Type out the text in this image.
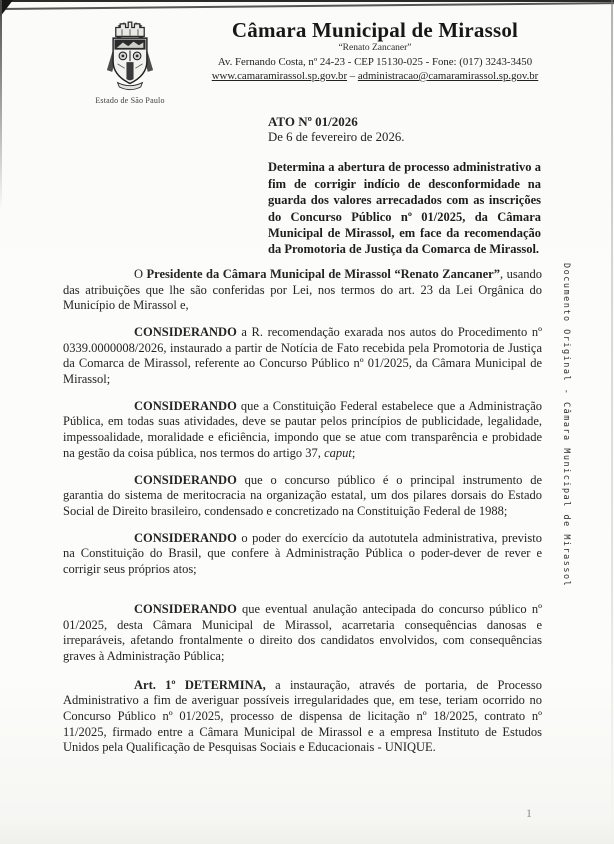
Estado de São Paulo
Câmara Municipal de Mirassol
“Renato Zancaner”
Av. Fernando Costa, nº 24-23 - CEP 15130-025 - Fone: (017) 3243-3450
www.camaramirassol.sp.gov.br – administracao@camaramirassol.sp.gov.br
ATO Nº 01/2026
De 6 de fevereiro de 2026.
Determina a abertura de processo administrativo a fim de corrigir indício de desconformidade na guarda dos valores arrecadados com as inscrições do Concurso Público nº 01/2025, da Câmara Municipal de Mirassol, em face da recomendação da Promotoria de Justiça da Comarca de Mirassol.

O Presidente da Câmara Municipal de Mirassol “Renato Zancaner”, usando das atribuições que lhe são conferidas por Lei, nos termos do art. 23 da Lei Orgânica do Município de Mirassol e,

CONSIDERANDO a R. recomendação exarada nos autos do Procedimento nº 0339.0000008/2026, instaurado a partir de Notícia de Fato recebida pela Promotoria de Justiça da Comarca de Mirassol, referente ao Concurso Público nº 01/2025, da Câmara Municipal de Mirassol;

CONSIDERANDO que a Constituição Federal estabelece que a Administração Pública, em todas suas atividades, deve se pautar pelos princípios de publicidade, legalidade, impessoalidade, moralidade e eficiência, impondo que se atue com transparência e probidade na gestão da coisa pública, nos termos do artigo 37, caput;

CONSIDERANDO que o concurso público é o principal instrumento de garantia do sistema de meritocracia na organização estatal, um dos pilares dorsais do Estado Social de Direito brasileiro, condensado e concretizado na Constituição Federal de 1988;

CONSIDERANDO o poder do exercício da autotutela administrativa, previsto na Constituição do Brasil, que confere à Administração Pública o poder-dever de rever e corrigir seus próprios atos;

CONSIDERANDO que eventual anulação antecipada do concurso público nº 01/2025, desta Câmara Municipal de Mirassol, acarretaria consequências danosas e irreparáveis, afetando frontalmente o direito dos candidatos envolvidos, com consequências graves à Administração Pública;

Art. 1º DETERMINA, a instauração, através de portaria, de Processo Administrativo a fim de averiguar possíveis irregularidades que, em tese, teriam ocorrido no Concurso Público nº 01/2025, processo de dispensa de licitação nº 18/2025, contrato nº 11/2025, firmado entre a Câmara Municipal de Mirassol e a empresa Instituto de Estudos Unidos pela Qualificação de Pesquisas Sociais e Educacionais - UNIQUE.

Documento Original - Câmara Municipal de Mirassol
1
